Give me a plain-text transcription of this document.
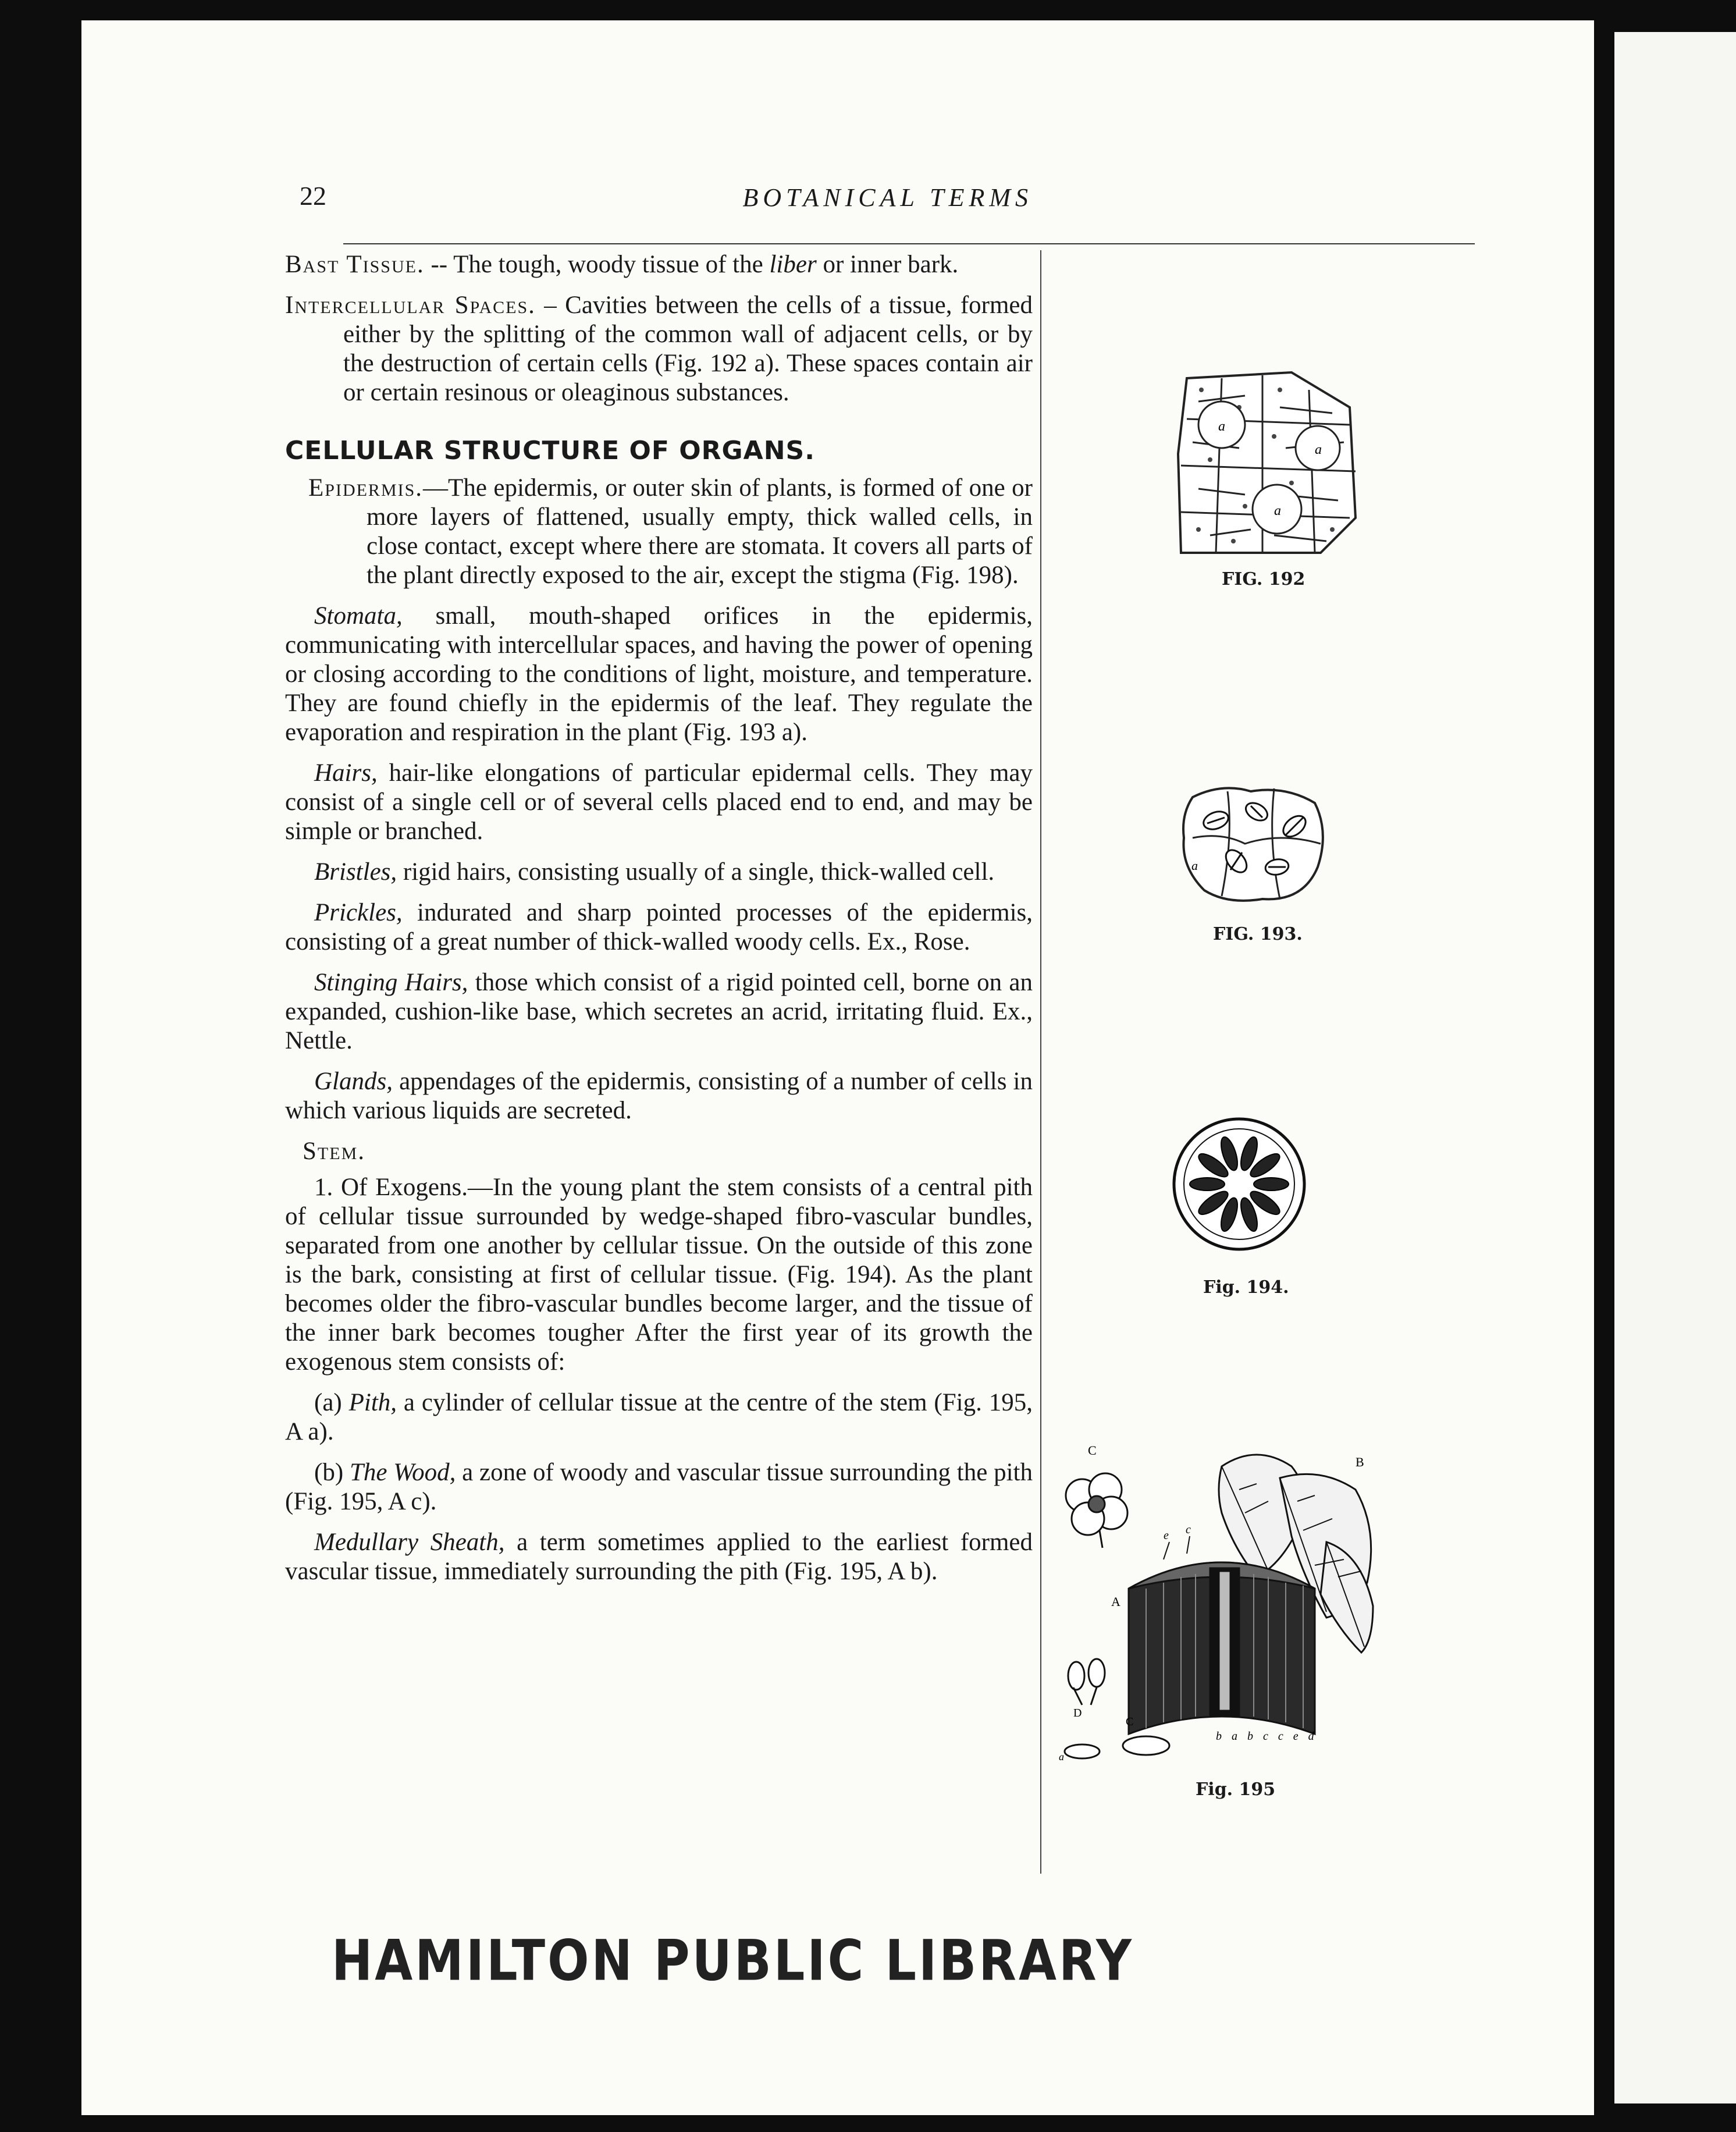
22	BOTANICAL TERMS

Bast Tissue. -- The tough, woody tissue of the liber or inner bark.

Intercellular Spaces. – Cavities between the cells of a tissue, formed either by the splitting of the common wall of adjacent cells, or by the destruction of certain cells (Fig. 192 a). These spaces contain air or certain resinous or oleaginous substances.

CELLULAR STRUCTURE OF ORGANS.

Epidermis.—The epidermis, or outer skin of plants, is formed of one or more layers of flattened, usually empty, thick walled cells, in close contact, except where there are stomata. It covers all parts of the plant directly exposed to the air, except the stigma (Fig. 198).

Stomata, small, mouth-shaped orifices in the epidermis, communicating with intercellular spaces, and having the power of opening or closing according to the conditions of light, moisture, and temperature. They are found chiefly in the epidermis of the leaf. They regulate the evaporation and respiration in the plant (Fig. 193 a).

Hairs, hair-like elongations of particular epidermal cells. They may consist of a single cell or of several cells placed end to end, and may be simple or branched.

Bristles, rigid hairs, consisting usually of a single, thick-walled cell.

Prickles, indurated and sharp pointed processes of the epidermis, consisting of a great number of thick-walled woody cells. Ex., Rose.

Stinging Hairs, those which consist of a rigid pointed cell, borne on an expanded, cushion-like base, which secretes an acrid, irritating fluid. Ex., Nettle.

Glands, appendages of the epidermis, consisting of a number of cells in which various liquids are secreted.

Stem.

1. Of Exogens.—In the young plant the stem consists of a central pith of cellular tissue surrounded by wedge-shaped fibro-vascular bundles, separated from one another by cellular tissue. On the outside of this zone is the bark, consisting at first of cellular tissue. (Fig. 194). As the plant becomes older the fibro-vascular bundles become larger, and the tissue of the inner bark becomes tougher After the first year of its growth the exogenous stem consists of:

(a) Pith, a cylinder of cellular tissue at the centre of the stem (Fig. 195, A a).

(b) The Wood, a zone of woody and vascular tissue surrounding the pith (Fig. 195, A c).

Medullary Sheath, a term sometimes applied to the earliest formed vascular tissue, immediately surrounding the pith (Fig. 195, A b).

a
a
a
FIG. 192
a
FIG. 193.
Fig. 194.
C
B
A
e c
D
C
a
b a b c c e d
Fig. 195
HAMILTON PUBLIC LIBRARY
